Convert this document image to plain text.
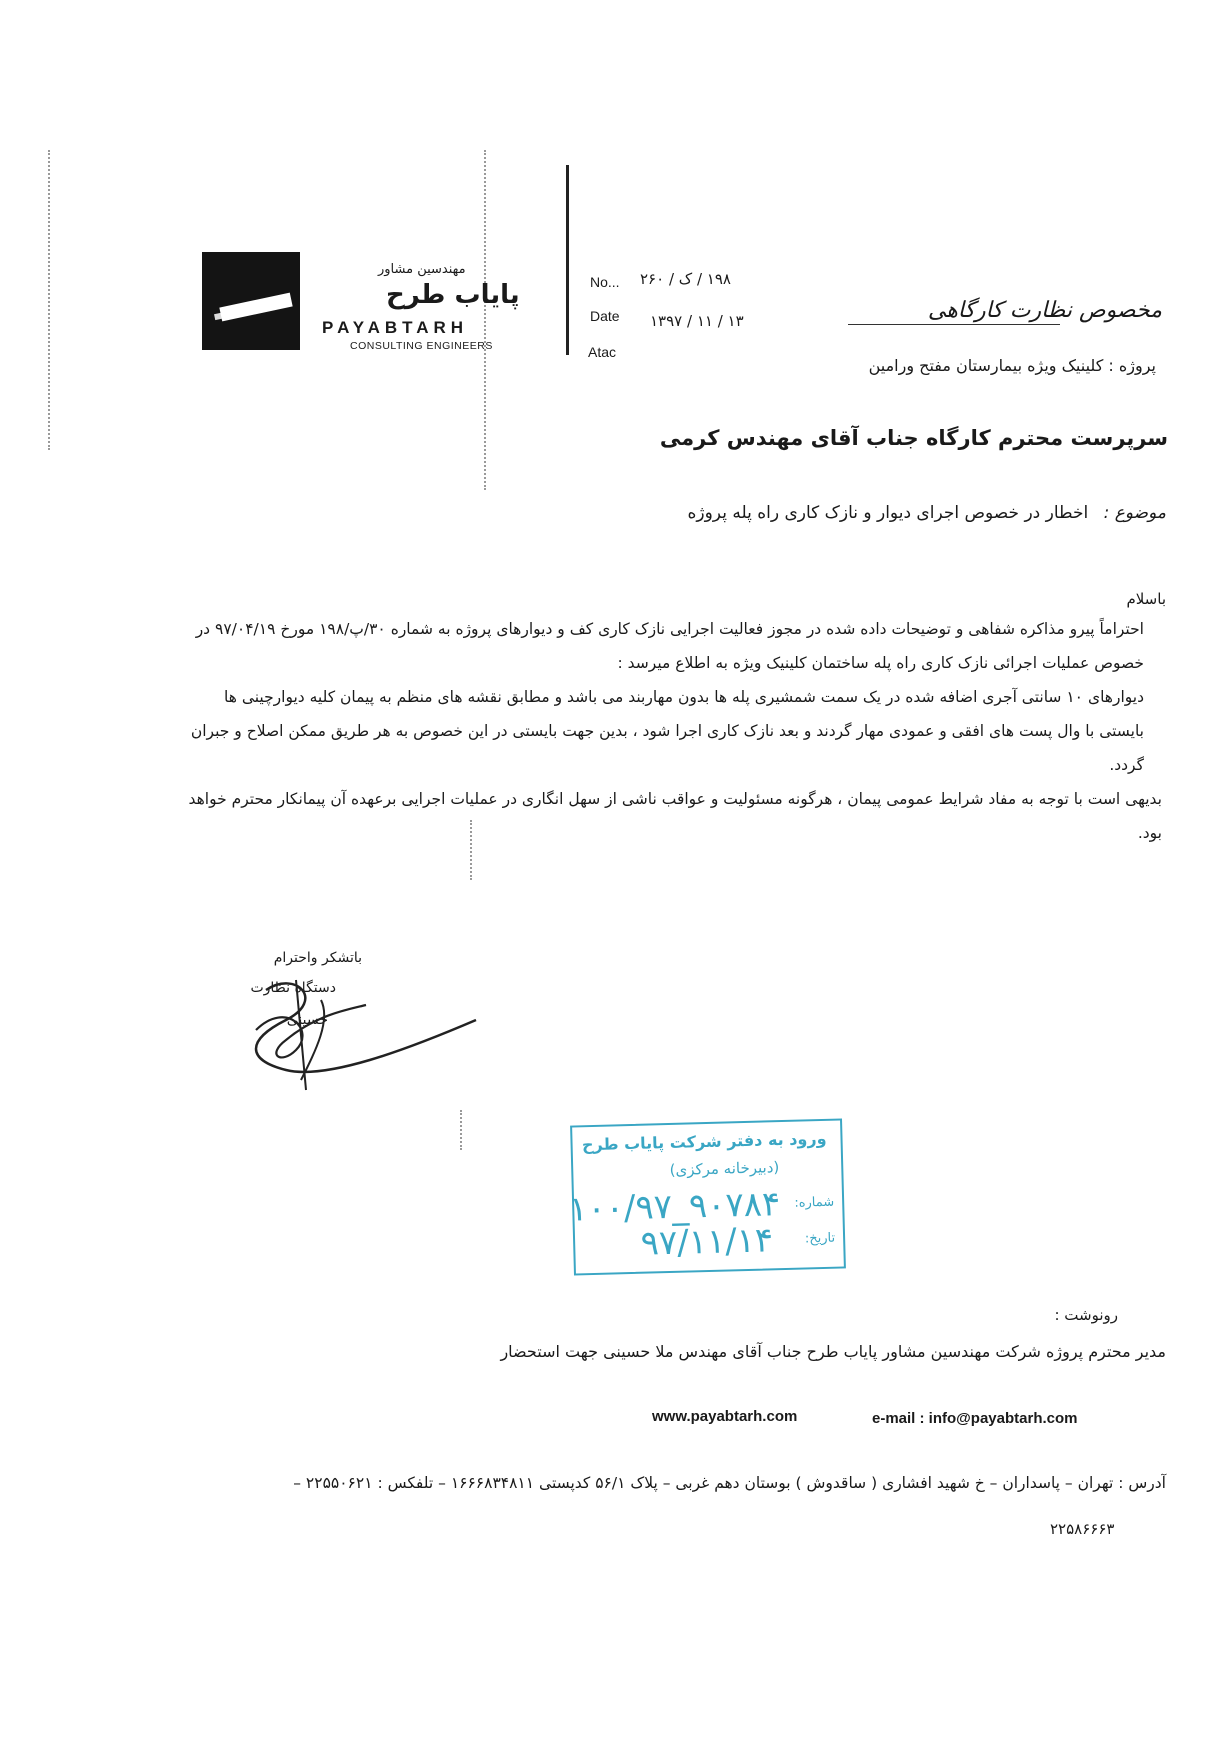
مهندسین مشاور
پایاب طرح
PAYABTARH
CONSULTING ENGINEERS
No... ۱۹۸ / ک / ۲۶۰
Date ۱۳۹۷ / ۱۱ / ۱۳
Atac
مخصوص نظارت کارگاهی
پروژه : کلینیک ویژه بیمارستان مفتح ورامین
سرپرست محترم کارگاه جناب آقای مهندس کرمی
موضوع : اخطار در خصوص اجرای دیوار و نازک کاری راه پله پروژه
باسلام

احتراماً پیرو مذاکره شفاهی و توضیحات داده شده در مجوز فعالیت اجرایی نازک کاری کف و دیوارهای پروژه به شماره ۳۰/پ/۱۹۸ مورخ ۹۷/۰۴/۱۹ در خصوص عملیات اجرائی نازک کاری راه پله ساختمان کلینیک ویژه به اطلاع میرسد :

دیوارهای ۱۰ سانتی آجری اضافه شده در یک سمت شمشیری پله ها بدون مهاربند می باشد و مطابق نقشه های منظم به پیمان کلیه دیوارچینی ها بایستی با وال پست های افقی و عمودی مهار گردند و بعد نازک کاری اجرا شود ، بدین جهت بایستی در این خصوص به هر طریق ممکن اصلاح و جبران گردد.

بدیهی است با توجه به مفاد شرایط عمومی پیمان ، هرگونه مسئولیت و عواقب ناشی از سهل انگاری در عملیات اجرایی برعهده آن پیمانکار محترم خواهد بود.

باتشکر واحترام
دستگاه نظارت
حسینی
ورود به دفتر شرکت پایاب طرح
(دبیرخانه مرکزی)
شماره:
۱۰۰/۹۷_۹۰۷۸۴
تاریخ:
۹۷/۱۱/۱۴
رونوشت :
مدیر محترم پروژه شرکت مهندسین مشاور پایاب طرح جناب آقای مهندس ملا حسینی جهت استحضار
www.payabtarh.com	e-mail : info@payabtarh.com
آدرس : تهران – پاسداران – خ شهید افشاری ( ساقدوش ) بوستان دهم غربی – پلاک ۵۶/۱ کدپستی ۱۶۶۶۸۳۴۸۱۱ – تلفکس : ۲۲۵۵۰۶۲۱ –
۲۲۵۸۶۶۶۳
